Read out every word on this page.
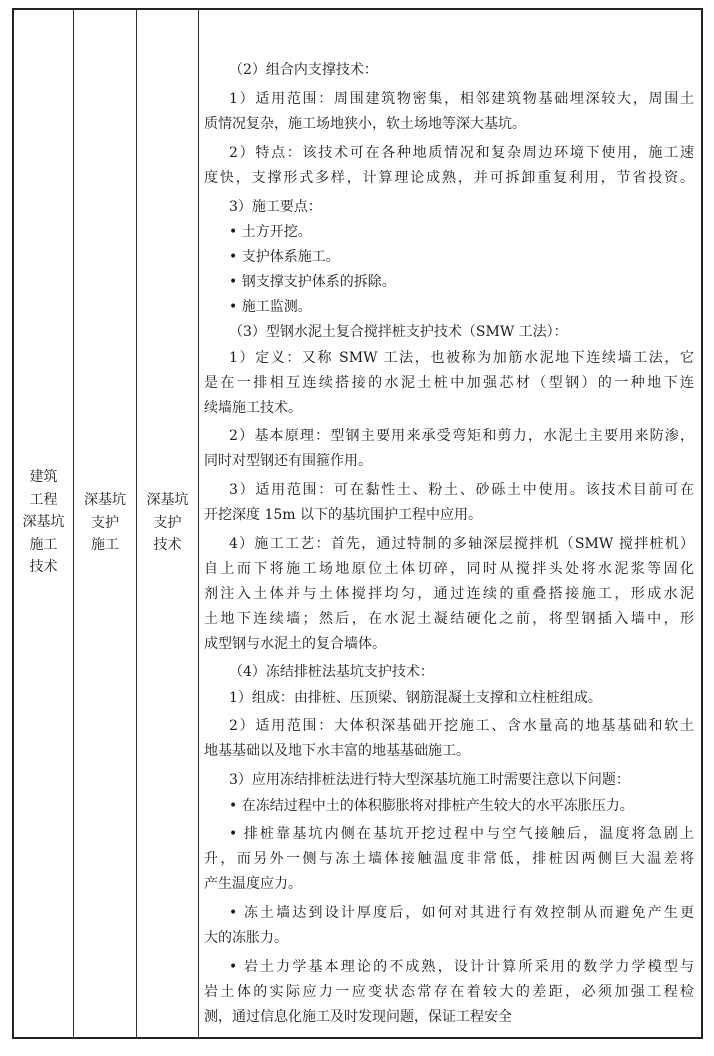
建筑
工程
深基坑
施工
技术
深基坑
支护
施工
深基坑
支护
技术
（2）组合内支撑技术：
1）适用范围：周围建筑物密集，相邻建筑物基础埋深较大，周围土
质情况复杂，施工场地狭小，软土场地等深大基坑。
2）特点：该技术可在各种地质情况和复杂周边环境下使用，施工速
度快，支撑形式多样，计算理论成熟，并可拆卸重复利用，节省投资。
3）施工要点：
• 土方开挖。
• 支护体系施工。
• 钢支撑支护体系的拆除。
• 施工监测。
（3）型钢水泥土复合搅拌桩支护技术（SMW 工法）：
1）定义：又称 SMW 工法，也被称为加筋水泥地下连续墙工法，它
是在一排相互连续搭接的水泥土桩中加强芯材（型钢）的一种地下连
续墙施工技术。
2）基本原理：型钢主要用来承受弯矩和剪力，水泥土主要用来防渗，
同时对型钢还有围箍作用。
3）适用范围：可在黏性土、粉土、砂砾土中使用。该技术目前可在
开挖深度 15m 以下的基坑围护工程中应用。
4）施工工艺：首先，通过特制的多轴深层搅拌机（SMW 搅拌桩机）
自上而下将施工场地原位土体切碎，同时从搅拌头处将水泥浆等固化
剂注入土体并与土体搅拌均匀，通过连续的重叠搭接施工，形成水泥
土地下连续墙；然后，在水泥土凝结硬化之前，将型钢插入墙中，形
成型钢与水泥土的复合墙体。
（4）冻结排桩法基坑支护技术：
1）组成：由排桩、压顶梁、钢筋混凝土支撑和立柱桩组成。
2）适用范围：大体积深基础开挖施工、含水量高的地基基础和软土
地基基础以及地下水丰富的地基基础施工。
3）应用冻结排桩法进行特大型深基坑施工时需要注意以下问题：
• 在冻结过程中土的体积膨胀将对排桩产生较大的水平冻胀压力。
• 排桩靠基坑内侧在基坑开挖过程中与空气接触后，温度将急剧上
升，而另外一侧与冻土墙体接触温度非常低，排桩因两侧巨大温差将
产生温度应力。
• 冻土墙达到设计厚度后，如何对其进行有效控制从而避免产生更
大的冻胀力。
• 岩土力学基本理论的不成熟，设计计算所采用的数学力学模型与
岩土体的实际应力一应变状态常存在着较大的差距，必须加强工程检
测，通过信息化施工及时发现问题，保证工程安全
